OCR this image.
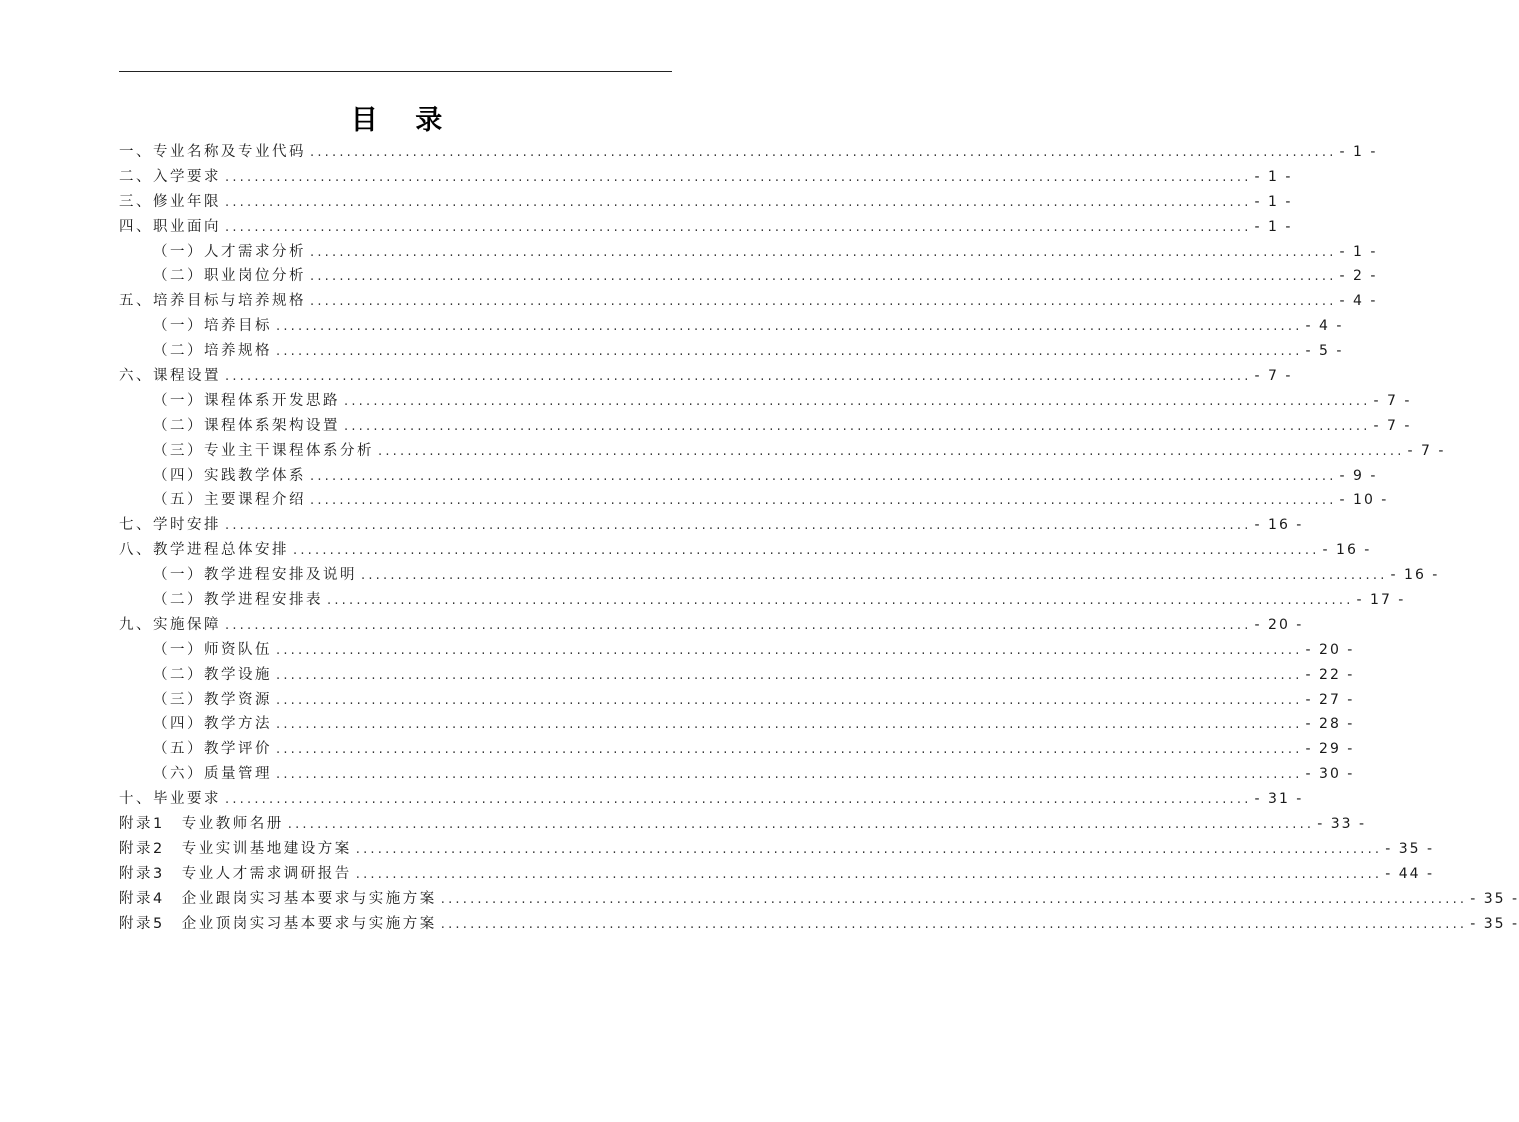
目 录
一、专业名称及专业代码 ............................................................................................................................................ - 1 -
二、入学要求 ............................................................................................................................................ - 1 -
三、修业年限 ............................................................................................................................................ - 1 -
四、职业面向 ............................................................................................................................................ - 1 -
（一）人才需求分析 ............................................................................................................................................ - 1 -
（二）职业岗位分析 ............................................................................................................................................ - 2 -
五、培养目标与培养规格 ............................................................................................................................................ - 4 -
（一）培养目标 ............................................................................................................................................ - 4 -
（二）培养规格 ............................................................................................................................................ - 5 -
六、课程设置 ............................................................................................................................................ - 7 -
（一）课程体系开发思路 ............................................................................................................................................ - 7 -
（二）课程体系架构设置 ............................................................................................................................................ - 7 -
（三）专业主干课程体系分析 ............................................................................................................................................ - 7 -
（四）实践教学体系 ............................................................................................................................................ - 9 -
（五）主要课程介绍 ............................................................................................................................................ - 10 -
七、学时安排 ............................................................................................................................................ - 16 -
八、教学进程总体安排 ............................................................................................................................................ - 16 -
（一）教学进程安排及说明 ............................................................................................................................................ - 16 -
（二）教学进程安排表 ............................................................................................................................................ - 17 -
九、实施保障 ............................................................................................................................................ - 20 -
（一）师资队伍 ............................................................................................................................................ - 20 -
（二）教学设施 ............................................................................................................................................ - 22 -
（三）教学资源 ............................................................................................................................................ - 27 -
（四）教学方法 ............................................................................................................................................ - 28 -
（五）教学评价 ............................................................................................................................................ - 29 -
（六）质量管理 ............................................................................................................................................ - 30 -
十、毕业要求 ............................................................................................................................................ - 31 -
附录1　专业教师名册 ............................................................................................................................................ - 33 -
附录2　专业实训基地建设方案 ............................................................................................................................................ - 35 -
附录3　专业人才需求调研报告 ............................................................................................................................................ - 44 -
附录4　企业跟岗实习基本要求与实施方案 ............................................................................................................................................ - 35 -
附录5　企业顶岗实习基本要求与实施方案 ............................................................................................................................................ - 35 -
